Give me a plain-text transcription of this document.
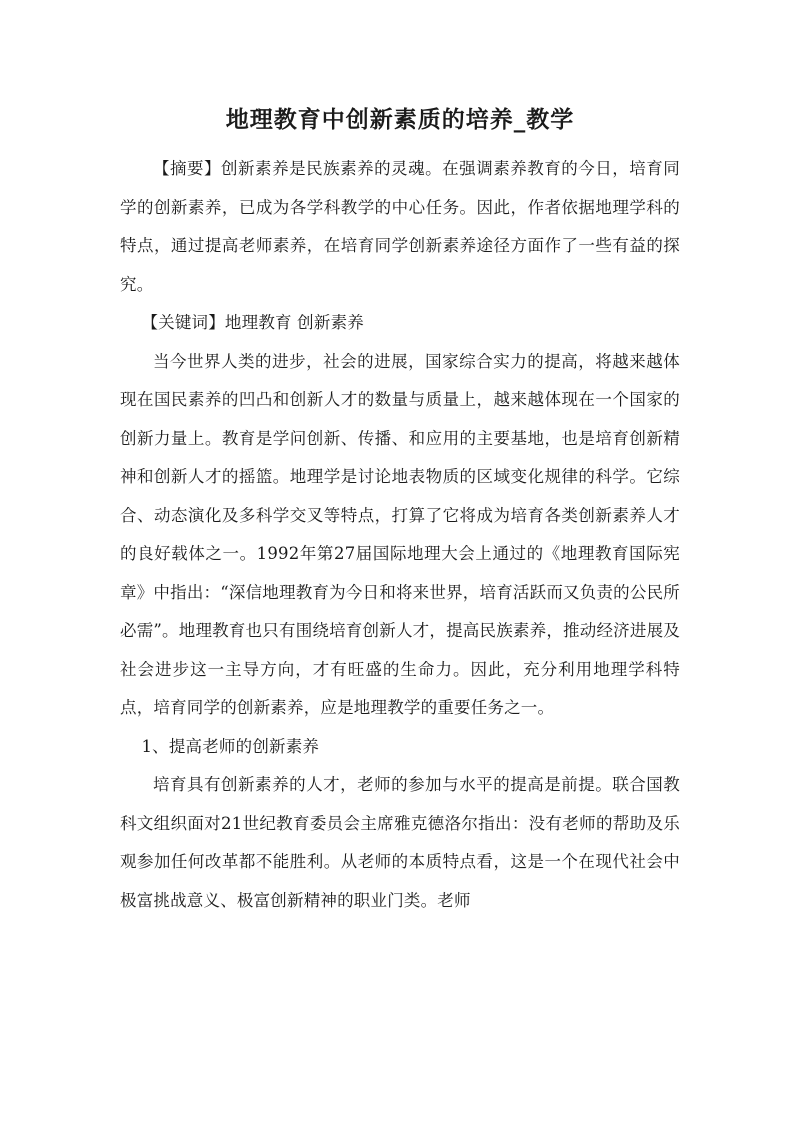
地理教育中创新素质的培养_教学

【摘要】创新素养是民族素养的灵魂。在强调素养教育的今日，培育同学的创新素养，已成为各学科教学的中心任务。因此，作者依据地理学科的特点，通过提高老师素养，在培育同学创新素养途径方面作了一些有益的探究。

【关键词】地理教育 创新素养

当今世界人类的进步，社会的进展，国家综合实力的提高，将越来越体现在国民素养的凹凸和创新人才的数量与质量上，越来越体现在一个国家的创新力量上。教育是学问创新、传播、和应用的主要基地，也是培育创新精神和创新人才的摇篮。地理学是讨论地表物质的区域变化规律的科学。它综合、动态演化及多科学交叉等特点，打算了它将成为培育各类创新素养人才的良好载体之一。1992年第27届国际地理大会上通过的《地理教育国际宪章》中指出：“深信地理教育为今日和将来世界，培育活跃而又负责的公民所必需”。地理教育也只有围绕培育创新人才，提高民族素养，推动经济进展及社会进步这一主导方向，才有旺盛的生命力。因此，充分利用地理学科特点，培育同学的创新素养，应是地理教学的重要任务之一。

1、提高老师的创新素养

培育具有创新素养的人才，老师的参加与水平的提高是前提。联合国教科文组织面对21世纪教育委员会主席雅克德洛尔指出：没有老师的帮助及乐观参加任何改革都不能胜利。从老师的本质特点看，这是一个在现代社会中极富挑战意义、极富创新精神的职业门类。老师
